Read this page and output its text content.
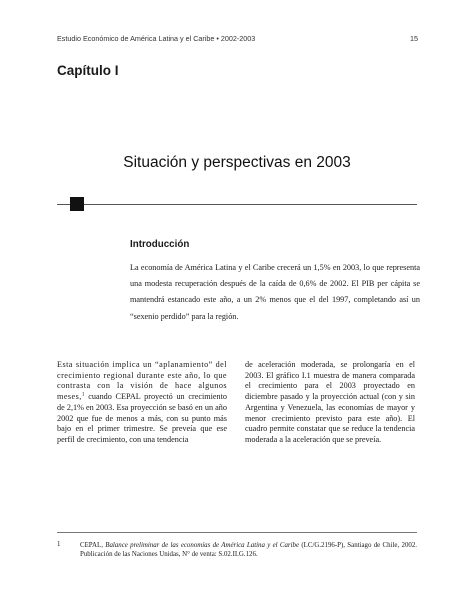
Estudio Económico de América Latina y el Caribe • 2002-2003	15
Capítulo I
Situación y perspectivas en 2003
Introducción
La economía de América Latina y el Caribe crecerá un 1,5% en 2003, lo que representa una modesta recuperación después de la caída de 0,6% de 2002. El PIB per cápita se mantendrá estancado este año, a un 2% menos que el del 1997, completando así un “sexenio perdido” para la región.
Esta situación implica un “aplanamiento” del crecimiento regional durante este año, lo que contrasta con la visión de hace algunos meses,$^1$ cuando CEPAL proyectó un crecimiento de 2,1% en 2003. Esa proyección se basó en un año 2002 que fue de menos a más, con su punto más bajo en el primer trimestre. Se preveía que ese perfil de crecimiento, con una tendencia
de aceleración moderada, se prolongaría en el 2003. El gráfico I.1 muestra de manera comparada el crecimiento para el 2003 proyectado en diciembre pasado y la proyección actual (con y sin Argentina y Venezuela, las economías de mayor y menor crecimiento previsto para este año). El cuadro permite constatar que se reduce la tendencia moderada a la aceleración que se preveía.
1	CEPAL, Balance preliminar de las economías de América Latina y el Caribe (LC/G.2196-P), Santiago de Chile, 2002. Publicación de las Naciones Unidas, N° de venta: S.02.II.G.126.
